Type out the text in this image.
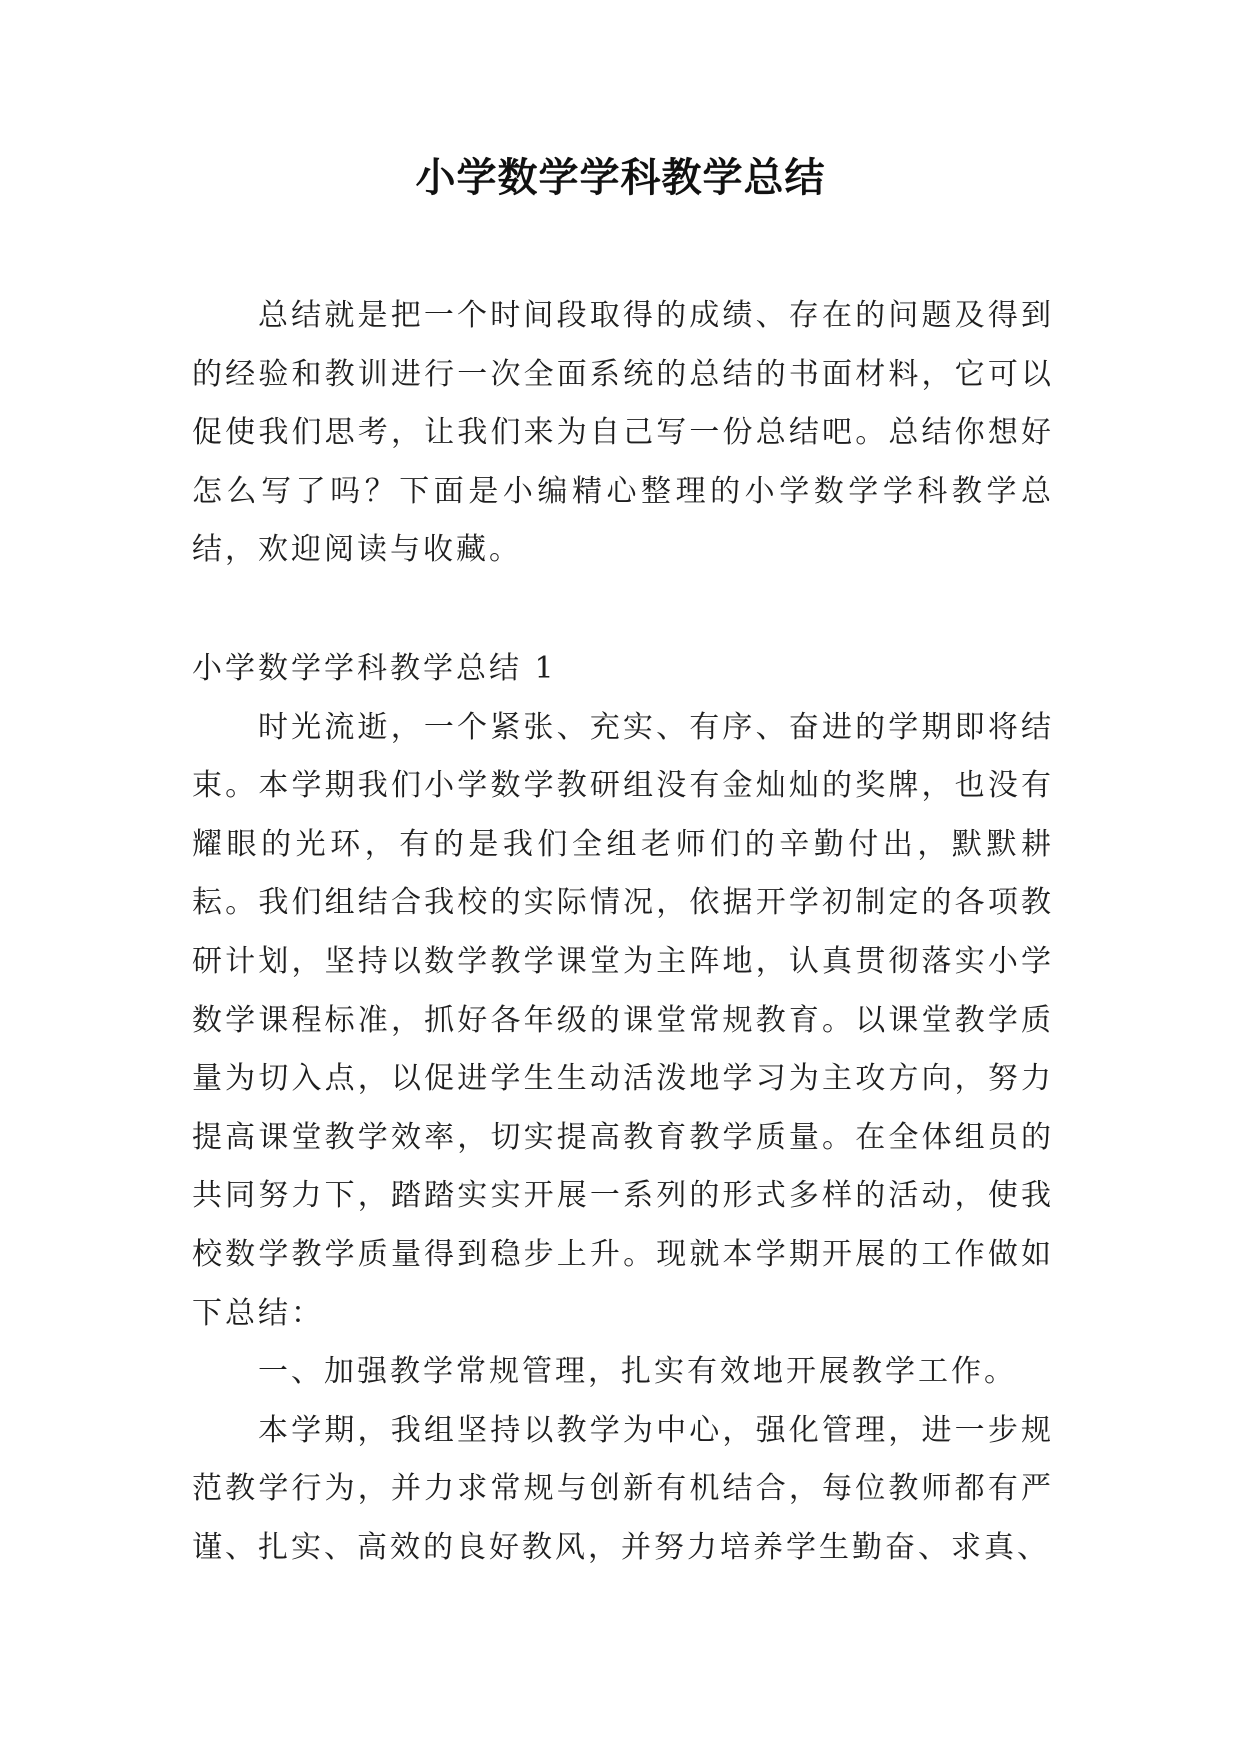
小学数学学科教学总结

总结就是把一个时间段取得的成绩、存在的问题及得到的经验和教训进行一次全面系统的总结的书面材料，它可以促使我们思考，让我们来为自己写一份总结吧。总结你想好怎么写了吗？下面是小编精心整理的小学数学学科教学总结，欢迎阅读与收藏。

小学数学学科教学总结 1

时光流逝，一个紧张、充实、有序、奋进的学期即将结束。本学期我们小学数学教研组没有金灿灿的奖牌，也没有耀眼的光环，有的是我们全组老师们的辛勤付出，默默耕耘。我们组结合我校的实际情况，依据开学初制定的各项教研计划，坚持以数学教学课堂为主阵地，认真贯彻落实小学数学课程标准，抓好各年级的课堂常规教育。以课堂教学质量为切入点，以促进学生生动活泼地学习为主攻方向，努力提高课堂教学效率，切实提高教育教学质量。在全体组员的共同努力下，踏踏实实开展一系列的形式多样的活动，使我校数学教学质量得到稳步上升。现就本学期开展的工作做如下总结：

一、加强教学常规管理，扎实有效地开展教学工作。

本学期，我组坚持以教学为中心，强化管理，进一步规范教学行为，并力求常规与创新有机结合，每位教师都有严谨、扎实、高效的良好教风，并努力培养学生勤奋、求真、
